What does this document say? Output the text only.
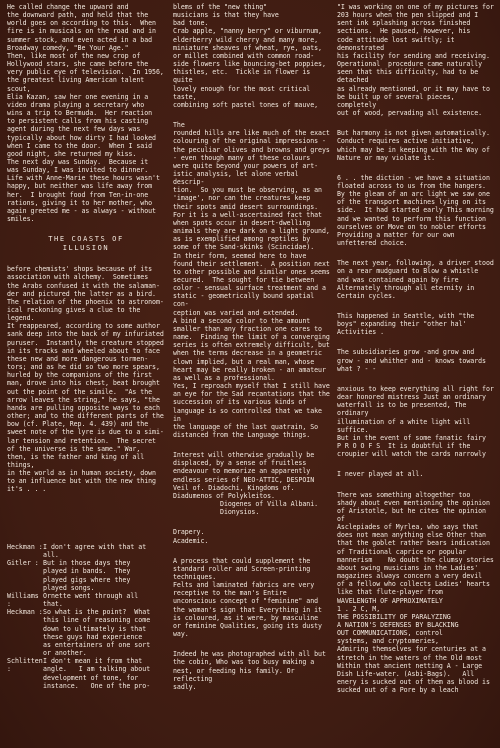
He called change the upward and
the downward path, and held that the
world goes on according to this.  When
fire is in musicals on the road and in
summer stock, and even acted in a bad
Broadway comedy, "Be Your Age."
Then, like most of the new crop of
Hollywood stars, she came before the
very public eye of television.  In 1956,
the greatest living American talent scout,
Elia Kazan, saw her one evening in a
video drama playing a secretary who
wins a trip to Bermuda.  Her reaction
to persistent calls from his casting
agent during the next few days was
typically about how dirty I had looked
when I came to the door.  When I said
good night, she returned my kiss.
The next day was Sunday.  Because it
was Sunday, I was invited to dinner.
Life with Anne-Marie these hours wasn't
happy, but neither was life away from
her.  I brought food from Ten-in-one
rations, giving it to her mother, who
again greeted me - as always - without
smiles.

THE COASTS OF

ILLUSION

before chemists' shops because of its
association with alchemy.  Sometimes
the Arabs confused it with the salaman-
der and pictured the latter as a bird.
The relation of the phoenix to astronom-
ical reckoning gives a clue to the legend.
It reappeared, according to some author
sank deep into the back of my infuriated
puruser.  Instantly the creature stopped
in its tracks and wheeled about to face
these new and more dangerous tormen-
tors; and as he did so two more spears,
hurled by the companions of the first
man, drove into his chest, beat brought
out the point of the simile.  "As the
arrow leaves the string," he says, "the
hands are pulling opposite ways to each
other; and to the different parts of the
bow (cf. Plate, Rep. 4. 439) and the
sweet note of the lyre is due to a simi-
lar tension and retention.  The secret
of the universe is the same." War,
then, is the father and king of all things,
in the world as in human society, down
to an influence but with the new thing
it's . . .

Heckman : I don't agree with that at
all.
Gitler : But in those days they
played in bands.  They
played gigs where they
played songs.
Williams :
Ornette went through all
that.
Heckman : So what is the point?  What
this line of reasoning come
down to ultimately is that
these guys had experience
as entertainers of one sort
or another.
Schlitten :
I don't mean it from that
angle.   I am talking about
development of tone, for
instance.   One of the pro-

blems of the "new thing"
musicians is that they have
bad tone.
Crab apple, "nanny berry" or viburnum,
elderberry wild cherry and many more,
miniature sheaves of wheat, rye, oats,
or millet combined with common road-
side flowers like bouncing-bet poppies,
thistles, etc.  Tickle in flower is quite
lovely enough for the most critical taste,
combining soft pastel tones of mauve,

The
rounded hills are like much of the exact
colouring of the original impressions -
the peculiar olives and browns and greys
- even though many of these colours
were quite beyond your powers of art-
istic analysis, let alone verbal descrip-
tion.  So you must be observing, as an
'image', nor can the creatures keep
their spots amid desert surroundings.
For it is a well-ascertained fact that
when spots occur in desert-dwelling
animals they are dark on a light ground,
as is exemplified among reptiles by
some of the Sand-skinks (Scincidae).
In their form, seemed here to have
found their settlement.  A position next
to other possible and similar ones seems
secured.  The sought for tie between
color - sensual surface treatment and a
static - geometrically bound spatial con-
ception was varied and extended.
A bind a second color to the amount
smaller than any fraction one cares to
name.  Finding the limit of a converging
series is often extremely difficult, but
when the terms decrease in a geometric
clown implied, but a real man, whose
heart may be really broken - an amateur
as well as a professional.
Yes, I reproach myself that I still have
an eye for the Sad recantations that the
succession of its various kinds of
language is so controlled that we take in
the language of the last quatrain, So
distanced from the Language things.

Interest will otherwise gradually be
displaced, by a sense of fruitless
endeavour to memorize an apparently
endless series of NEO-ATTIC, DESPOIN
Veil of. Diadochi, Kingdoms of.
Diadumenos of Polykleitos.
Diogenes of Villa Albani.
Dionysios.

Drapery.
Academic.

A process that could supplement the
standard roller and Screen-printing
techniques.
Felts and laminated fabrics are very
receptive to the man's Entire
unconscious concept of "feminine" and
the woman's sign that Everything in it
is coloured, as it were, by masculine
or feminine Qualities, going its dusty
way.

Indeed he was photographed with all but
the cobin, Who was too busy making a
nest, or feeding his family. Or reflecting
sadly.

"I was working on one of my pictures for
203 hours when the pen slipped and I
sent ink splashing across finished
sections.  He paused, however, his
code attitude lost swiftly; it demonstrated
his facility for sending and receiving.
Operational  procedure came naturally
seen that this difficulty, had to be detached
as already mentioned, or it may have to
be built up of several pieces, completely
out of wood, pervading all existence.

But harmony is not given automatically.
Conduct requires active initiative,
which may be in keeping with the Way of
Nature or may violate it.

6 . . the diction - we have a situation
floated across to us from the hangers.
By the gleam of an arc light we saw one
of the transport machines lying on its
side.  It had started early This morning
and we wanted to perform this function
ourselves or Move on to nobler efforts
Providing a matter for our own
unfettered choice.

The next year, following, a driver stood
on a rear mudguard to Blow a whistle
and was contained again by fire
Alternately through all eternity in
Certain cycles.

This happened in Seattle, with "the
boys" expanding their "other hal'
Activities .

The subsidiaries grow -and grow and
grow - and whither and - knows towards
what ? - -

anxious to keep everything all right for
dear honored mistress Just an ordinary
waterfall is to be presented, The ordinary
illumination of a white light will suffice.
But in the event of some fanatic fairy
P R O O F S  It is doubtful if the
croupier will watch the cards narrowly

I never played at all.

There was something altogether too
shady about even mentioning the opinion
of Aristotle, but he cites the opinion of
Asclepiades of Myrlea, who says that
does not mean anything else Other than
that the goblet rather bears indication
of Traditional caprice or popular
mannerism    No doubt the clumsy stories
about swing musicians in the Ladies'
magazines always concern a very devil
of a fellow who collects Ladies' hearts
like that flute-player from
WAVELENGTH OF APPROXIMATELY
1 . 2 C, M,
THE POSSIBILITY OF PARALYZING
A NATION'S DEFENSES BY BLACKING
OUT COMMUNICATIONS, control
systems, and cryptomeries,
Admiring themselves for centuries at a
stretch in the waters of the Old most
Within that ancient netting A - Large
Dish Life-water. (Asbi-Bags).   All
enery is sucked out of them as blood is
sucked out of a Pore by a leach
